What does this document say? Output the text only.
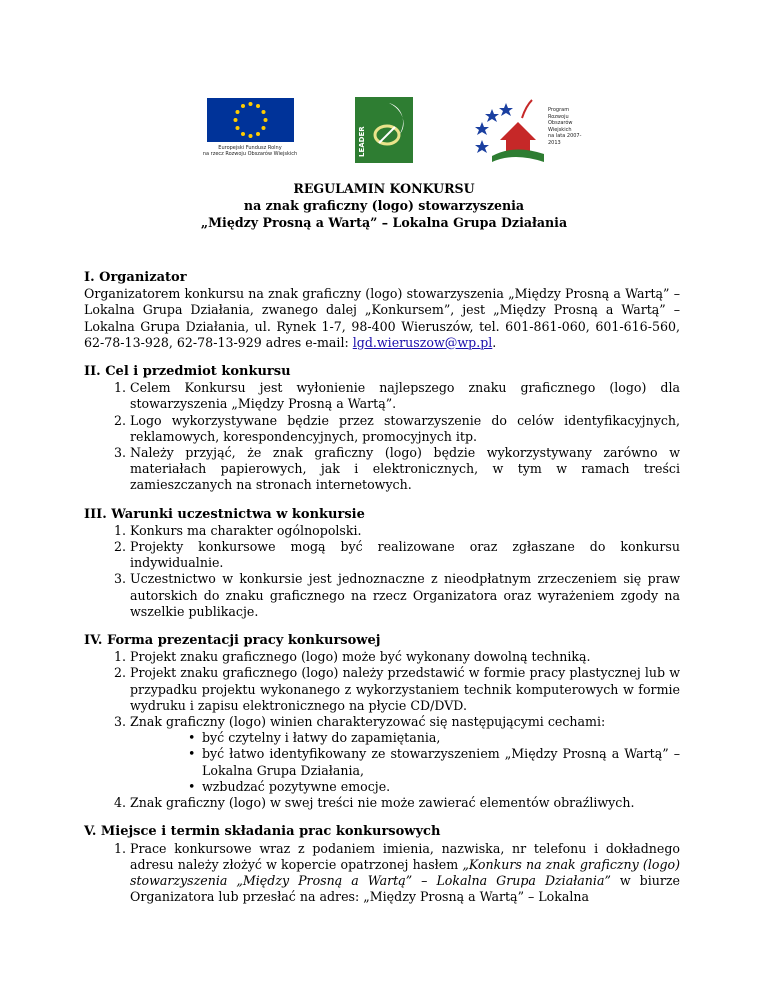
Europejski Fundusz Rolny
na rzecz Rozwoju Obszarów Wiejskich	LEADER
Program
Rozwoju
Obszarów
Wiejskich
na lata 2007-2013
REGULAMIN KONKURSU
na znak graficzny (logo) stowarzyszenia
„Między Prosną a Wartą” – Lokalna Grupa Działania
I. Organizator

Organizatorem konkursu na znak graficzny (logo) stowarzyszenia „Między Prosną a Wartą” – Lokalna Grupa Działania, zwanego dalej „Konkursem”, jest „Między Prosną a Wartą” – Lokalna Grupa Działania, ul. Rynek 1-7, 98-400 Wieruszów, tel. 601-861-060, 601-616-560, 62-78-13-928, 62-78-13-929 adres e-mail: lgd.wieruszow@wp.pl.

II. Cel i przedmiot konkursu
1. Celem Konkursu jest wyłonienie najlepszego znaku graficznego (logo) dla stowarzyszenia „Między Prosną a Wartą”.
2. Logo wykorzystywane będzie przez stowarzyszenie do celów identyfikacyjnych, reklamowych, korespondencyjnych, promocyjnych itp.
3. Należy przyjąć, że znak graficzny (logo) będzie wykorzystywany zarówno w materiałach papierowych, jak i elektronicznych, w tym w ramach treści zamieszczanych na stronach internetowych.
III. Warunki uczestnictwa w konkursie
1. Konkurs ma charakter ogólnopolski.
2. Projekty konkursowe mogą być realizowane oraz zgłaszane do konkursu indywidualnie.
3. Uczestnictwo w konkursie jest jednoznaczne z nieodpłatnym zrzeczeniem się praw autorskich do znaku graficznego na rzecz Organizatora oraz wyrażeniem zgody na wszelkie publikacje.
IV. Forma prezentacji pracy konkursowej
1. Projekt znaku graficznego (logo) może być wykonany dowolną techniką.
2. Projekt znaku graficznego (logo) należy przedstawić w formie pracy plastycznej lub w przypadku projektu wykonanego z wykorzystaniem technik komputerowych w formie wydruku i zapisu elektronicznego na płycie CD/DVD.
3. Znak graficzny (logo) winien charakteryzować się następującymi cechami:
• być czytelny i łatwy do zapamiętania,
• być łatwo identyfikowany ze stowarzyszeniem „Między Prosną a Wartą” – Lokalna Grupa Działania,
• wzbudzać pozytywne emocje.
4. Znak graficzny (logo) w swej treści nie może zawierać elementów obraźliwych.
V. Miejsce i termin składania prac konkursowych
1. Prace konkursowe wraz z podaniem imienia, nazwiska, nr telefonu i dokładnego adresu należy złożyć w kopercie opatrzonej hasłem „Konkurs na znak graficzny (logo) stowarzyszenia „Między Prosną a Wartą” – Lokalna Grupa Działania” w biurze Organizatora lub przesłać na adres: „Między Prosną a Wartą” – Lokalna
